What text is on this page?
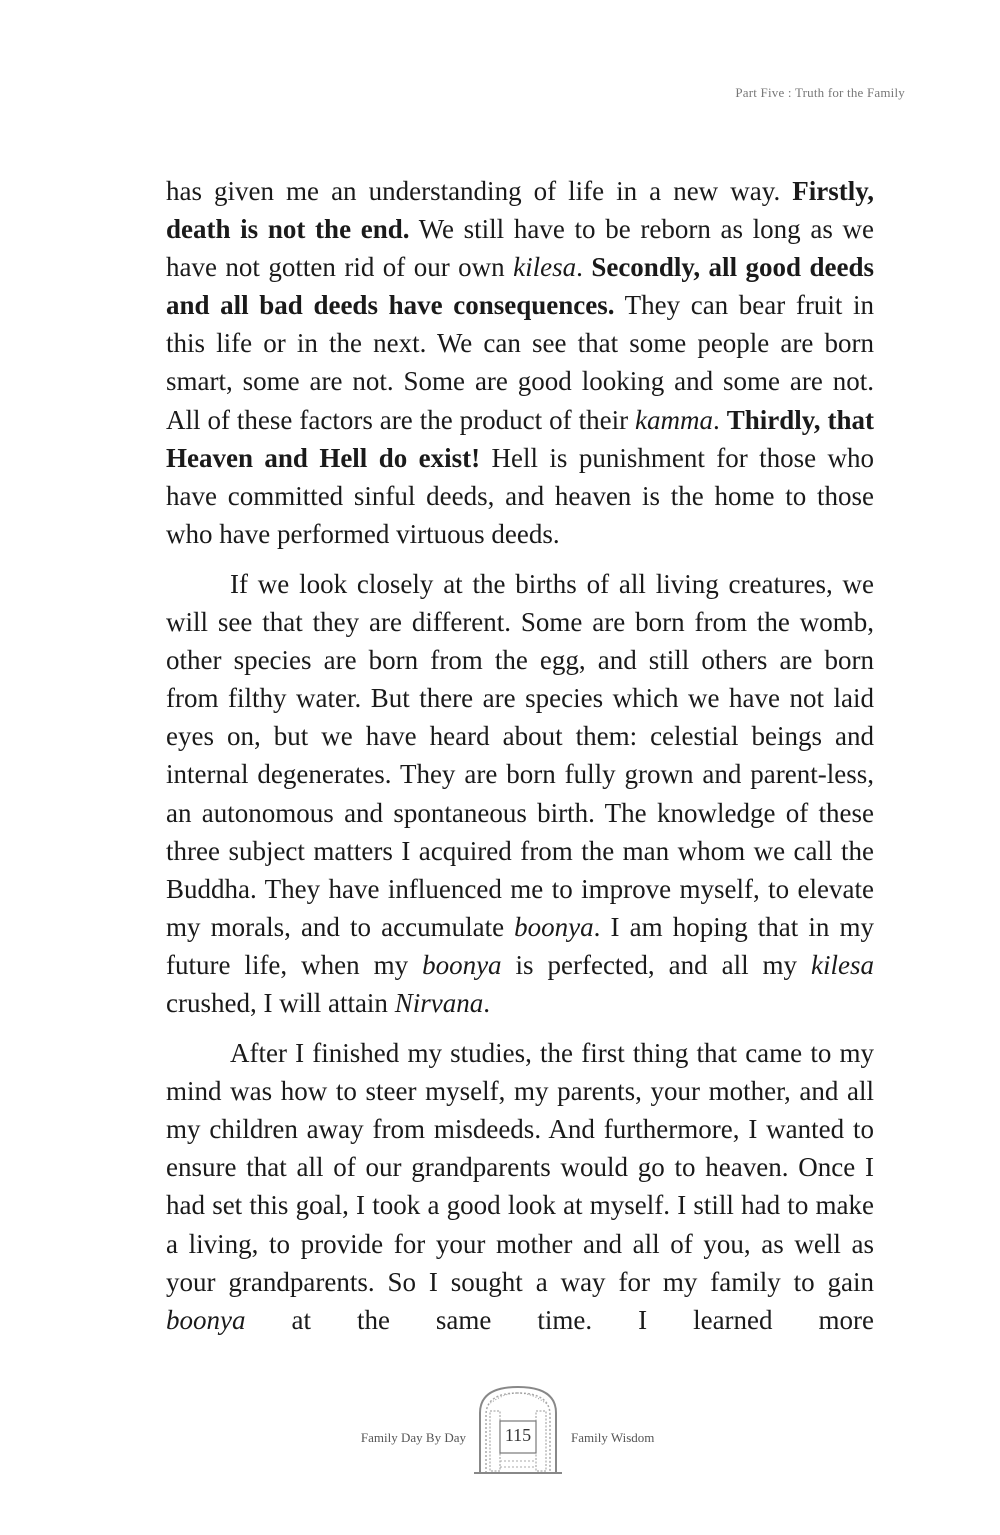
Part Five : Truth for the Family

has given me an understanding of life in a new way. Firstly, death is not the end. We still have to be reborn as long as we have not gotten rid of our own kilesa. Secondly, all good deeds and all bad deeds have consequences. They can bear fruit in this life or in the next. We can see that some people are born smart, some are not. Some are good looking and some are not. All of these factors are the product of their kamma. Thirdly, that Heaven and Hell do exist! Hell is punishment for those who have committed sinful deeds, and heaven is the home to those who have performed virtuous deeds.

If we look closely at the births of all living creatures, we will see that they are different. Some are born from the womb, other species are born from the egg, and still others are born from filthy water. But there are species which we have not laid eyes on, but we have heard about them: celestial beings and internal degenerates. They are born fully grown and parent-less, an autonomous and spontaneous birth. The knowledge of these three subject matters I acquired from the man whom we call the Buddha. They have influenced me to improve myself, to elevate my morals, and to accumulate boonya. I am hoping that in my future life, when my boonya is perfected, and all my kilesa crushed, I will attain Nirvana.

After I finished my studies, the first thing that came to my mind was how to steer myself, my parents, your mother, and all my children away from misdeeds. And furthermore, I wanted to ensure that all of our grandparents would go to heaven. Once I had set this goal, I took a good look at myself. I still had to make a living, to provide for your mother and all of you, as well as your grandparents. So I sought a way for my family to gain boonya at the same time. I learned more

Family Day By Day	115	Family Wisdom
